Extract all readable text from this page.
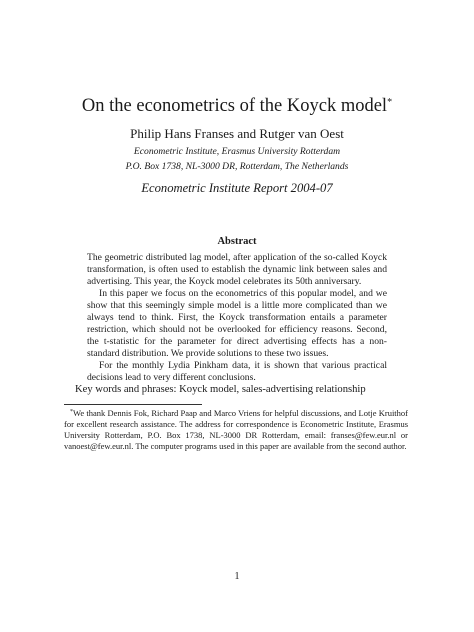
On the econometrics of the Koyck model*
Philip Hans Franses and Rutger van Oest
Econometric Institute, Erasmus University Rotterdam
P.O. Box 1738, NL-3000 DR, Rotterdam, The Netherlands
Econometric Institute Report 2004-07
Abstract

The geometric distributed lag model, after application of the so-called Koyck transformation, is often used to establish the dynamic link between sales and advertising. This year, the Koyck model celebrates its 50th anniversary.

In this paper we focus on the econometrics of this popular model, and we show that this seemingly simple model is a little more complicated than we always tend to think. First, the Koyck transformation entails a parameter restriction, which should not be overlooked for efficiency reasons. Second, the t-statistic for the parameter for direct advertising effects has a non-standard distribution. We provide solutions to these two issues.

For the monthly Lydia Pinkham data, it is shown that various practical decisions lead to very different conclusions.

Key words and phrases: Koyck model, sales-advertising relationship

*We thank Dennis Fok, Richard Paap and Marco Vriens for helpful discussions, and Lotje Kruithof for excellent research assistance. The address for correspondence is Econometric Institute, Erasmus University Rotterdam, P.O. Box 1738, NL-3000 DR Rotterdam, email: franses@few.eur.nl or vanoest@few.eur.nl. The computer programs used in this paper are available from the second author.

1
